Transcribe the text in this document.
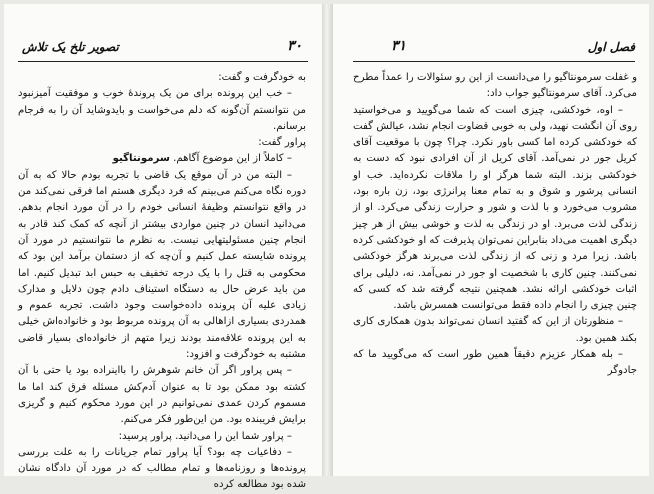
تصویر تلخ یک تلاش	۳۰

به خودگرفت و گفت:

– خب این پرونده برای من یک پروندهٔ خوب و موفقیت آمیزنبود من نتوانستم آن‌گونه که دلم می‌خواست و بایدوشاید آن را به فرجام برسانم.

پراور گفت:

– کاملاً از این موضوع آگاهم. سرمونتاگیو

– البته من در آن موقع یک قاضی با تجربه بودم حالا که به آن دوره نگاه می‌کنم می‌بینم که فرد دیگری هستم اما فرقی نمی‌کند من در واقع نتوانستم وظیفهٔ انسانی خودم را در آن مورد انجام بدهم. می‌دانید انسان در چنین مواردی بیشتر از آنچه که کمک کند قادر به انجام چنین مسئولیتهایی نیست. به نظرم ما نتوانستیم در مورد آن پرونده شایسته عمل کنیم و آن‌چه که از دستمان برآمد این بود که محکومی به قتل را با یک درجه تخفیف به حبس ابد تبدیل کنیم. اما من باید عرض حال به دستگاه استیناف دادم چون دلایل و مدارک زیادی علیه آن پرونده داده‌خواست وجود داشت. تجربه عموم و همدردی بسیاری ازاهالی به آن پرونده مربوط بود و خانواده‌اش خیلی به این پرونده علاقه‌مند بودند زیرا متهم از خانواده‌ای بسیار قاضی‌ مشتبه به خودگرفت و افزود:

– پس پراور اگر آن خانم شوهرش را بااینراده بود یا حتی با آن کشته بود ممکن بود تا به عنوان آدم‌کش مسئله فرق کند اما ما مسموم کردن عمدی نمی‌توانیم در این مورد محکوم کنیم و گریزی برایش فریبنده بود. من این‌طور فکر می‌کنم.

– پراور شما این را می‌دانید. پراور پرسید:

– دفاعیات چه بود؟ آیا پراور تمام جریانات را به علت بررسی پرونده‌ها و روزنامه‌ها و تمام مطالب که در مورد آن دادگاه نشان شده بود مطالعه کرده

فصل اول
۳۱

و غفلت سرمونتاگیو را می‌دانست از این رو سئوالات را عمداً مطرح می‌کرد. آقای سرمونتاگیو جواب داد:

– اوه، خودکشی، چیزی است که شما می‌گویید و می‌خواستید روی آن انگشت نهید، ولی به خوبی قضاوت انجام نشد، عیالش گفت که خودکشی کرده اما کسی باور نکرد. چرا؟ چون با موقعیت آقای کریل جور در نمی‌آمد. آقای کریل از آن افرادی نبود که دست به خودکشی بزند. البته شما هرگز او را ملاقات نکرده‌اید. خب او انسانی پرشور و شوق و به تمام معنا پرانرژی بود، زن باره بود، مشروب می‌خورد و با لذت و شور و حرارت زندگی می‌کرد. او از زندگی لذت می‌برد. او در زندگی به لذت و خوشی بیش از هر چیز دیگری اهمیت می‌داد بنابراین نمی‌توان پذیرفت که او خودکشی کرده باشد. زیرا مرد و زنی که از زندگی لذت می‌برند هرگز خودکشی نمی‌کنند. چنین کاری با شخصیت او جور در نمی‌آمد. نه، دلیلی برای اثبات خودکشی ارائه نشد. همچنین نتیجه گرفته شد که کسی که چنین چیزی را انجام داده فقط می‌توانست همسرش باشد.

– منظورتان از این که گفتید انسان نمی‌تواند بدون همکاری کاری بکند همین بود.

– بله همکار عزیزم دقیقاً همین طور است که می‌گویید ما که جادوگر
